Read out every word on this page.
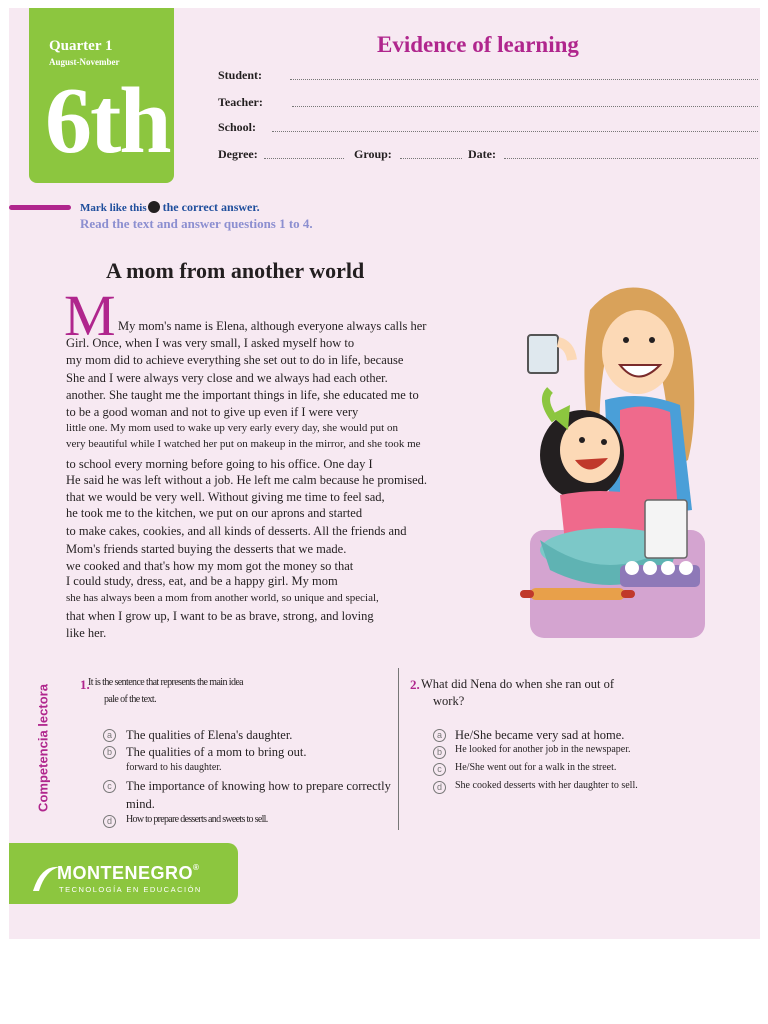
Quarter 1
August-November
6th
Evidence of learning
Student:
Teacher:
School:
Degree:	Group:	Date:
Mark like this the correct answer.
Read the text and answer questions 1 to 4.
A mom from another world
M My mom's name is Elena, although everyone always calls her
Girl. Once, when I was very small, I asked myself how to
my mom did to achieve everything she set out to do in life, because
She and I were always very close and we always had each other.
another. She taught me the important things in life, she educated me to
to be a good woman and not to give up even if I were very
little one. My mom used to wake up very early every day, she would put on
very beautiful while I watched her put on makeup in the mirror, and she took me
to school every morning before going to his office. One day I
He said he was left without a job. He left me calm because he promised.
that we would be very well. Without giving me time to feel sad,
he took me to the kitchen, we put on our aprons and started
to make cakes, cookies, and all kinds of desserts. All the friends and
Mom's friends started buying the desserts that we made.
we cooked and that's how my mom got the money so that
I could study, dress, eat, and be a happy girl. My mom
she has always been a mom from another world, so unique and special,
that when I grow up, I want to be as brave, strong, and loving
like her.
Competencia lectora 1.
It is the sentence that represents the main idea
pale of the text.
a	The qualities of Elena's daughter.
b	The qualities of a mom to bring out.
forward to his daughter.
c	The importance of knowing how to prepare correctly
mind.
d	How to prepare desserts and sweets to sell.
2. What did Nena do when she ran out of
work?
a	He/She became very sad at home.
b	He looked for another job in the newspaper.
c	He/She went out for a walk in the street.
d	She cooked desserts with her daughter to sell.
MONTENEGRO®
TECNOLOGÍA EN EDUCACIÓN
